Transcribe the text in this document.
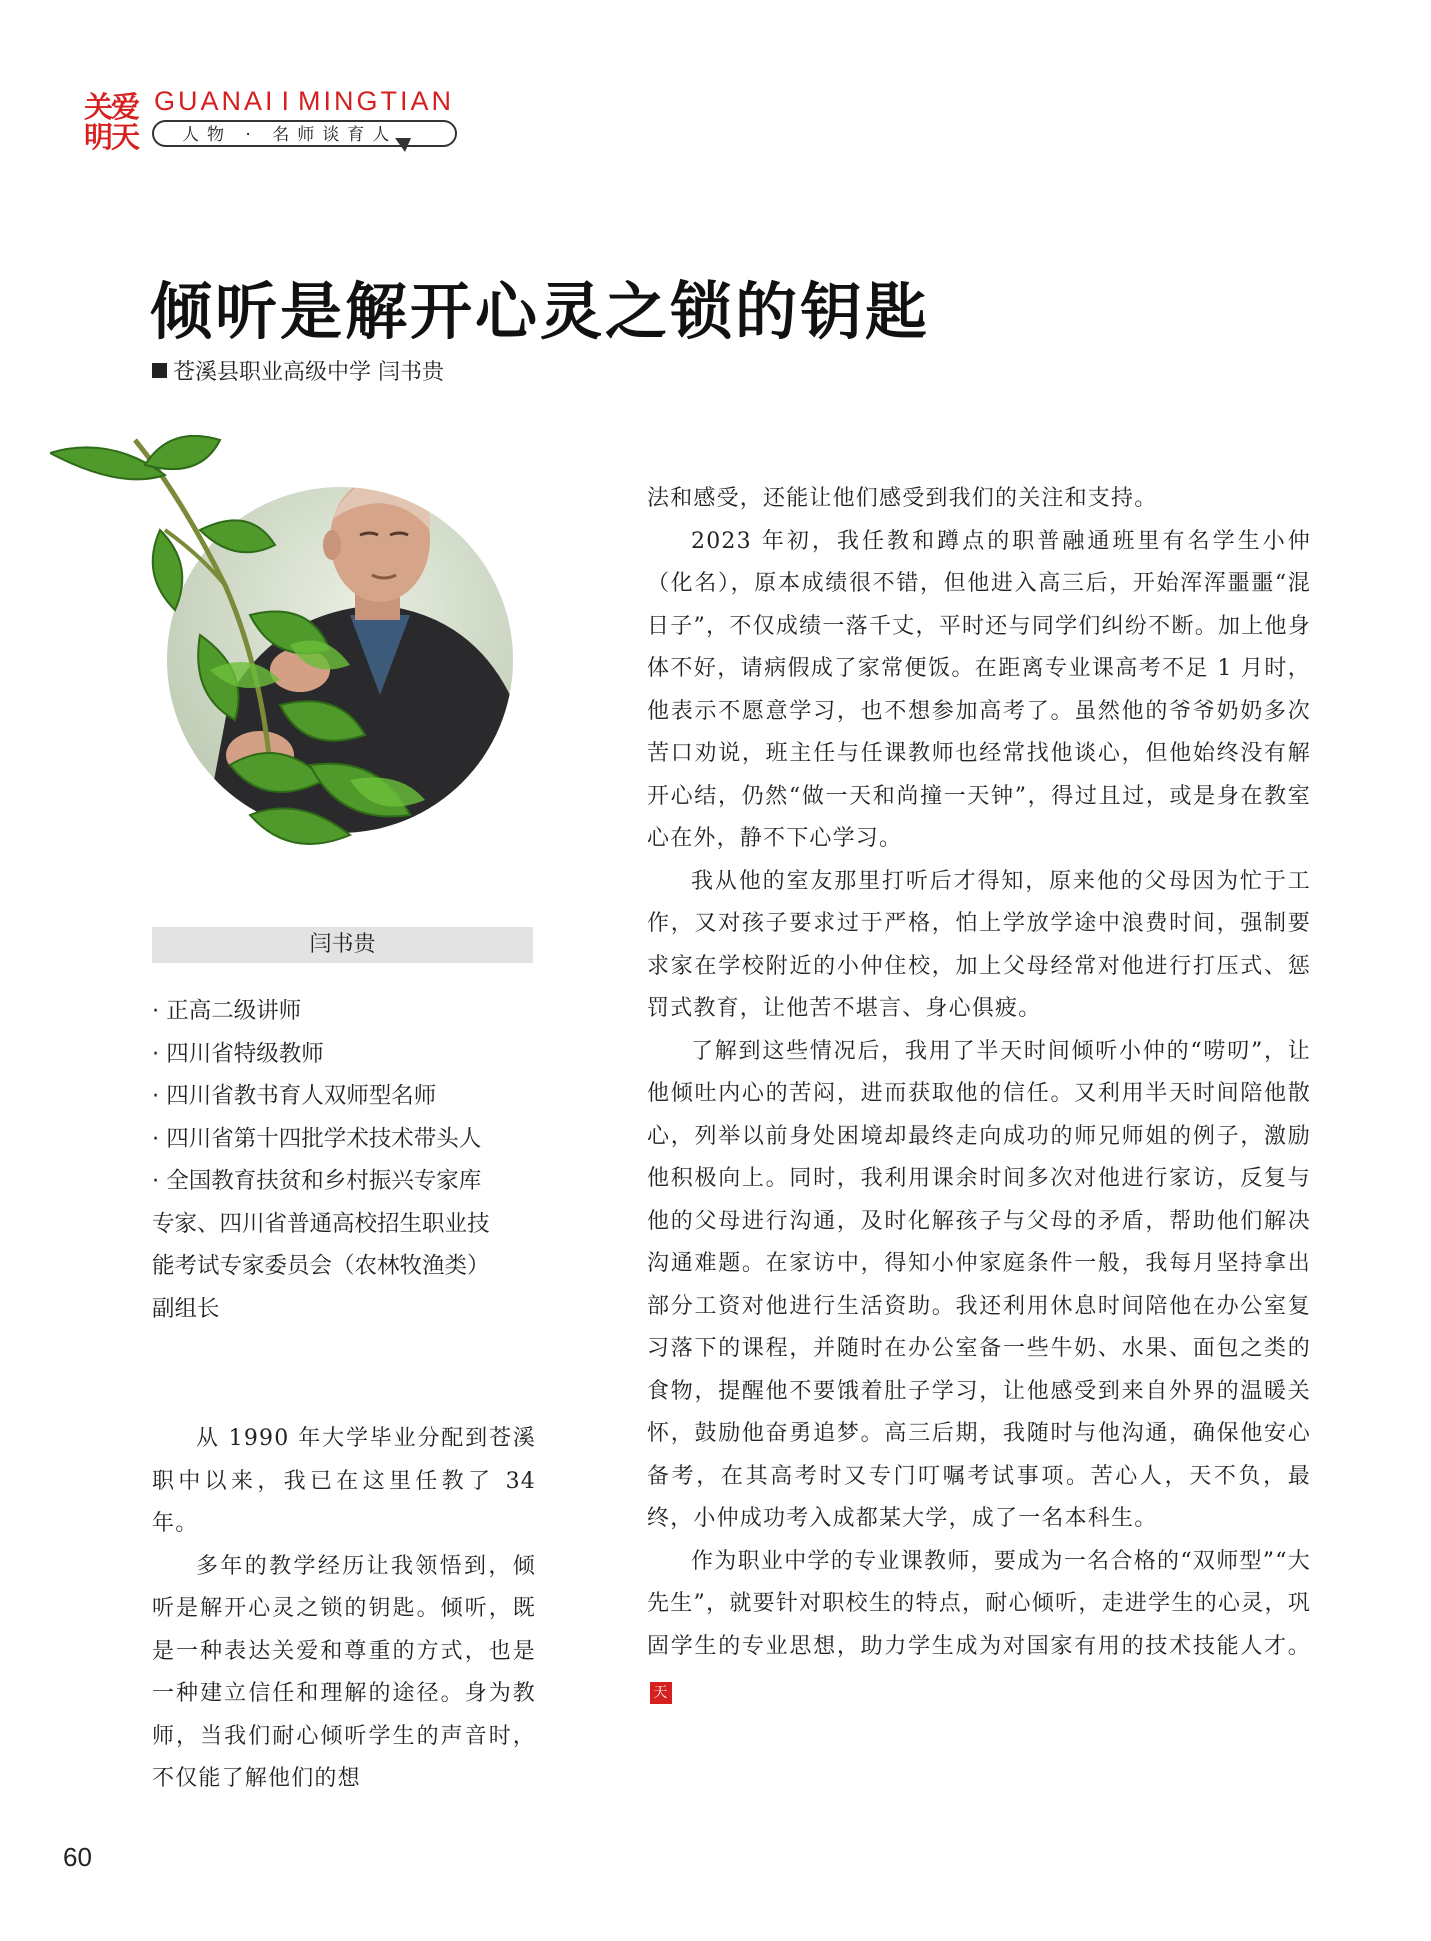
关爱
明天
GUANAI I MINGTIAN
人物 · 名师谈育人
倾听是解开心灵之锁的钥匙
苍溪县职业高级中学 闫书贵
闫书贵
· 正高二级讲师
· 四川省特级教师
· 四川省教书育人双师型名师
· 四川省第十四批学术技术带头人
· 全国教育扶贫和乡村振兴专家库
专家、四川省普通高校招生职业技
能考试专家委员会（农林牧渔类）
副组长

从 1990 年大学毕业分配到苍溪职中以来，我已在这里任教了 34 年。

多年的教学经历让我领悟到，倾听是解开心灵之锁的钥匙。倾听，既是一种表达关爱和尊重的方式，也是一种建立信任和理解的途径。身为教师，当我们耐心倾听学生的声音时，不仅能了解他们的想

法和感受，还能让他们感受到我们的关注和支持。

2023 年初，我任教和蹲点的职普融通班里有名学生小仲（化名），原本成绩很不错，但他进入高三后，开始浑浑噩噩“混日子”，不仅成绩一落千丈，平时还与同学们纠纷不断。加上他身体不好，请病假成了家常便饭。在距离专业课高考不足 1 月时，他表示不愿意学习，也不想参加高考了。虽然他的爷爷奶奶多次苦口劝说，班主任与任课教师也经常找他谈心，但他始终没有解开心结，仍然“做一天和尚撞一天钟”，得过且过，或是身在教室心在外，静不下心学习。

我从他的室友那里打听后才得知，原来他的父母因为忙于工作，又对孩子要求过于严格，怕上学放学途中浪费时间，强制要求家在学校附近的小仲住校，加上父母经常对他进行打压式、惩罚式教育，让他苦不堪言、身心俱疲。

了解到这些情况后，我用了半天时间倾听小仲的“唠叨”，让他倾吐内心的苦闷，进而获取他的信任。又利用半天时间陪他散心，列举以前身处困境却最终走向成功的师兄师姐的例子，激励他积极向上。同时，我利用课余时间多次对他进行家访，反复与他的父母进行沟通，及时化解孩子与父母的矛盾，帮助他们解决沟通难题。在家访中，得知小仲家庭条件一般，我每月坚持拿出部分工资对他进行生活资助。我还利用休息时间陪他在办公室复习落下的课程，并随时在办公室备一些牛奶、水果、面包之类的食物，提醒他不要饿着肚子学习，让他感受到来自外界的温暖关怀，鼓励他奋勇追梦。高三后期，我随时与他沟通，确保他安心备考，在其高考时又专门叮嘱考试事项。苦心人，天不负，最终，小仲成功考入成都某大学，成了一名本科生。

作为职业中学的专业课教师，要成为一名合格的“双师型”“大先生”，就要针对职校生的特点，耐心倾听，走进学生的心灵，巩固学生的专业思想，助力学生成为对国家有用的技术技能人才。天

60
